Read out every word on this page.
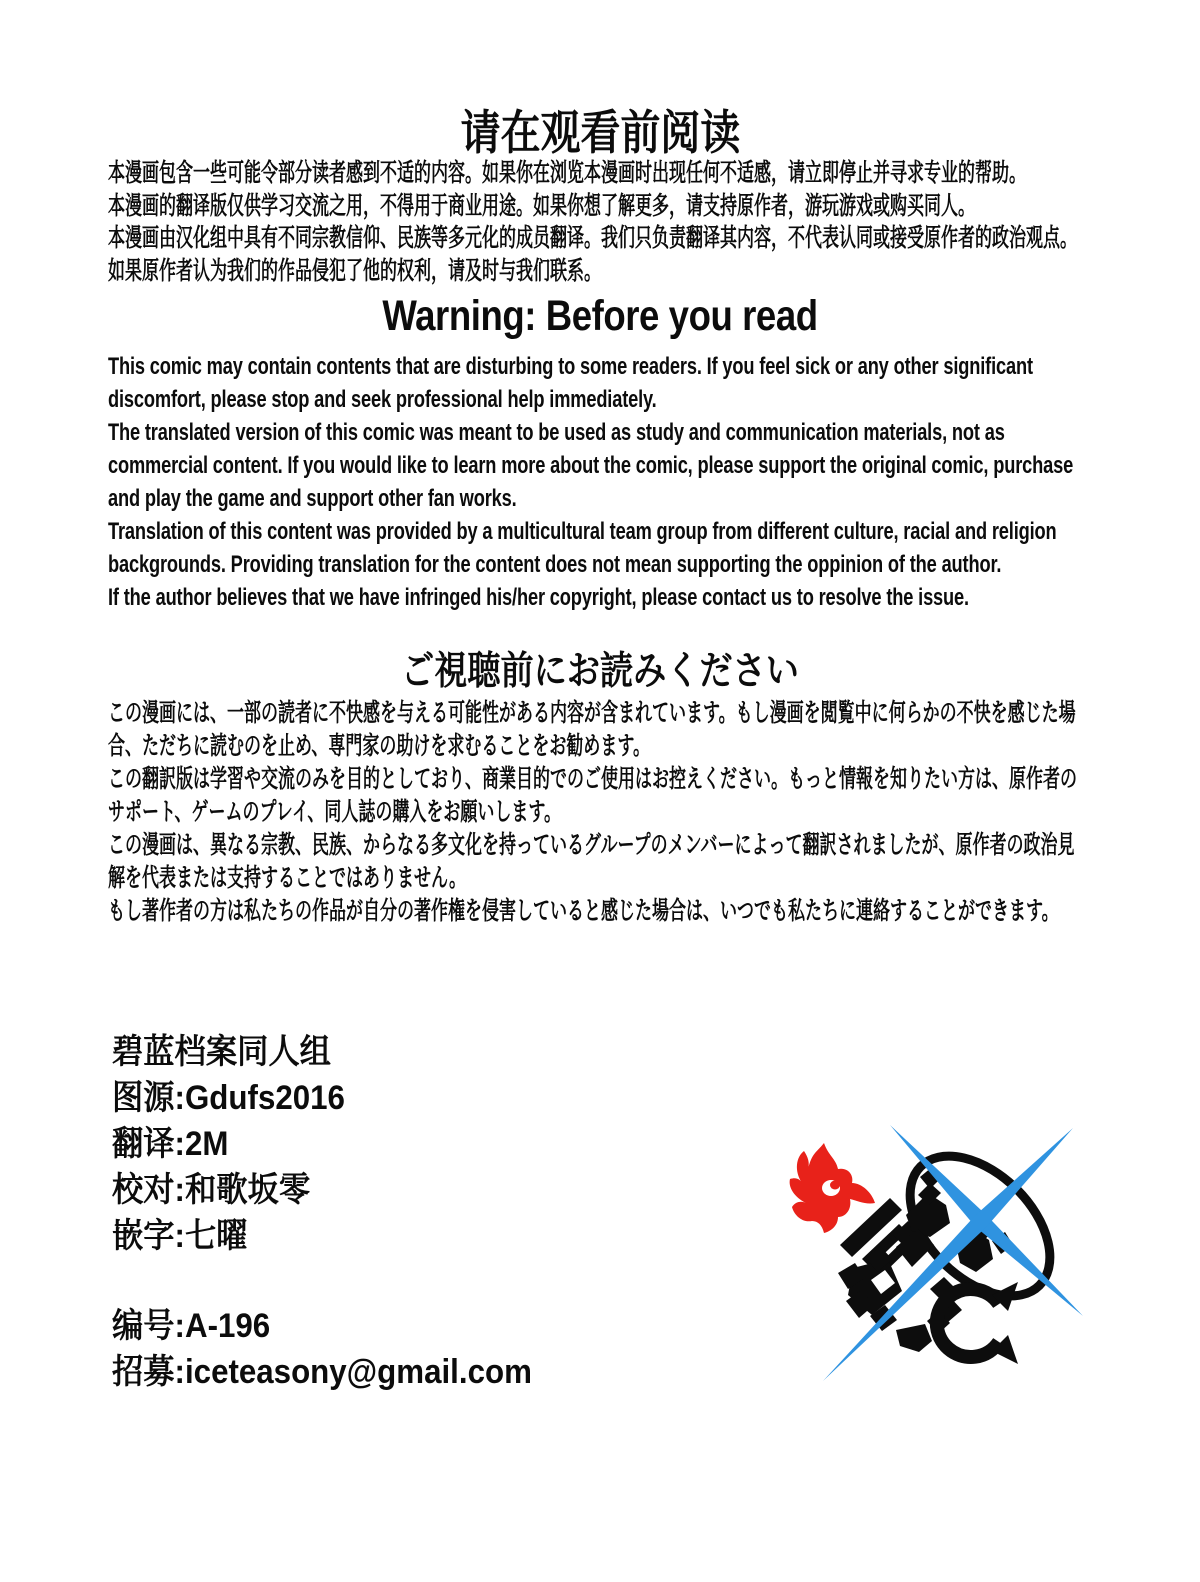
请在观看前阅读

本漫画包含一些可能令部分读者感到不适的内容。如果你在浏览本漫画时出现任何不适感，请立即停止并寻求专业的帮助。

本漫画的翻译版仅供学习交流之用，不得用于商业用途。如果你想了解更多，请支持原作者，游玩游戏或购买同人。

本漫画由汉化组中具有不同宗教信仰、民族等多元化的成员翻译。我们只负责翻译其内容，不代表认同或接受原作者的政治观点。

如果原作者认为我们的作品侵犯了他的权利，请及时与我们联系。

Warning: Before you read

This comic may contain contents that are disturbing to some readers. If you feel sick or any other significant discomfort, please stop and seek professional help immediately.

The translated version of this comic was meant to be used as study and communication materials, not as commercial content. If you would like to learn more about the comic, please support the original comic, purchase and play the game and support other fan works.

Translation of this content was provided by a multicultural team group from different culture, racial and religion backgrounds. Providing translation for the content does not mean supporting the oppinion of the author.

If the author believes that we have infringed his/her copyright, please contact us to resolve the issue.

ご視聴前にお読みください

この漫画には、一部の読者に不快感を与える可能性がある内容が含まれています。もし漫画を閲覧中に何らかの不快を感じた場合、ただちに読むのを止め、専門家の助けを求むることをお勧めます。

この翻訳版は学習や交流のみを目的としており、商業目的でのご使用はお控えください。もっと情報を知りたい方は、原作者のサポート、ゲームのプレイ、同人誌の購入をお願いします。

この漫画は、異なる宗教、民族、からなる多文化を持っているグループのメンバーによって翻訳されましたが、原作者の政治見解を代表または支持することではありません。

もし著作者の方は私たちの作品が自分の著作権を侵害していると感じた場合は、いつでも私たちに連絡することができます。

碧蓝档案同人组
图源:Gdufs2016
翻译:2M
校对:和歌坂零
嵌字:七曜
编号:A-196
招募:iceteasony@gmail.com
